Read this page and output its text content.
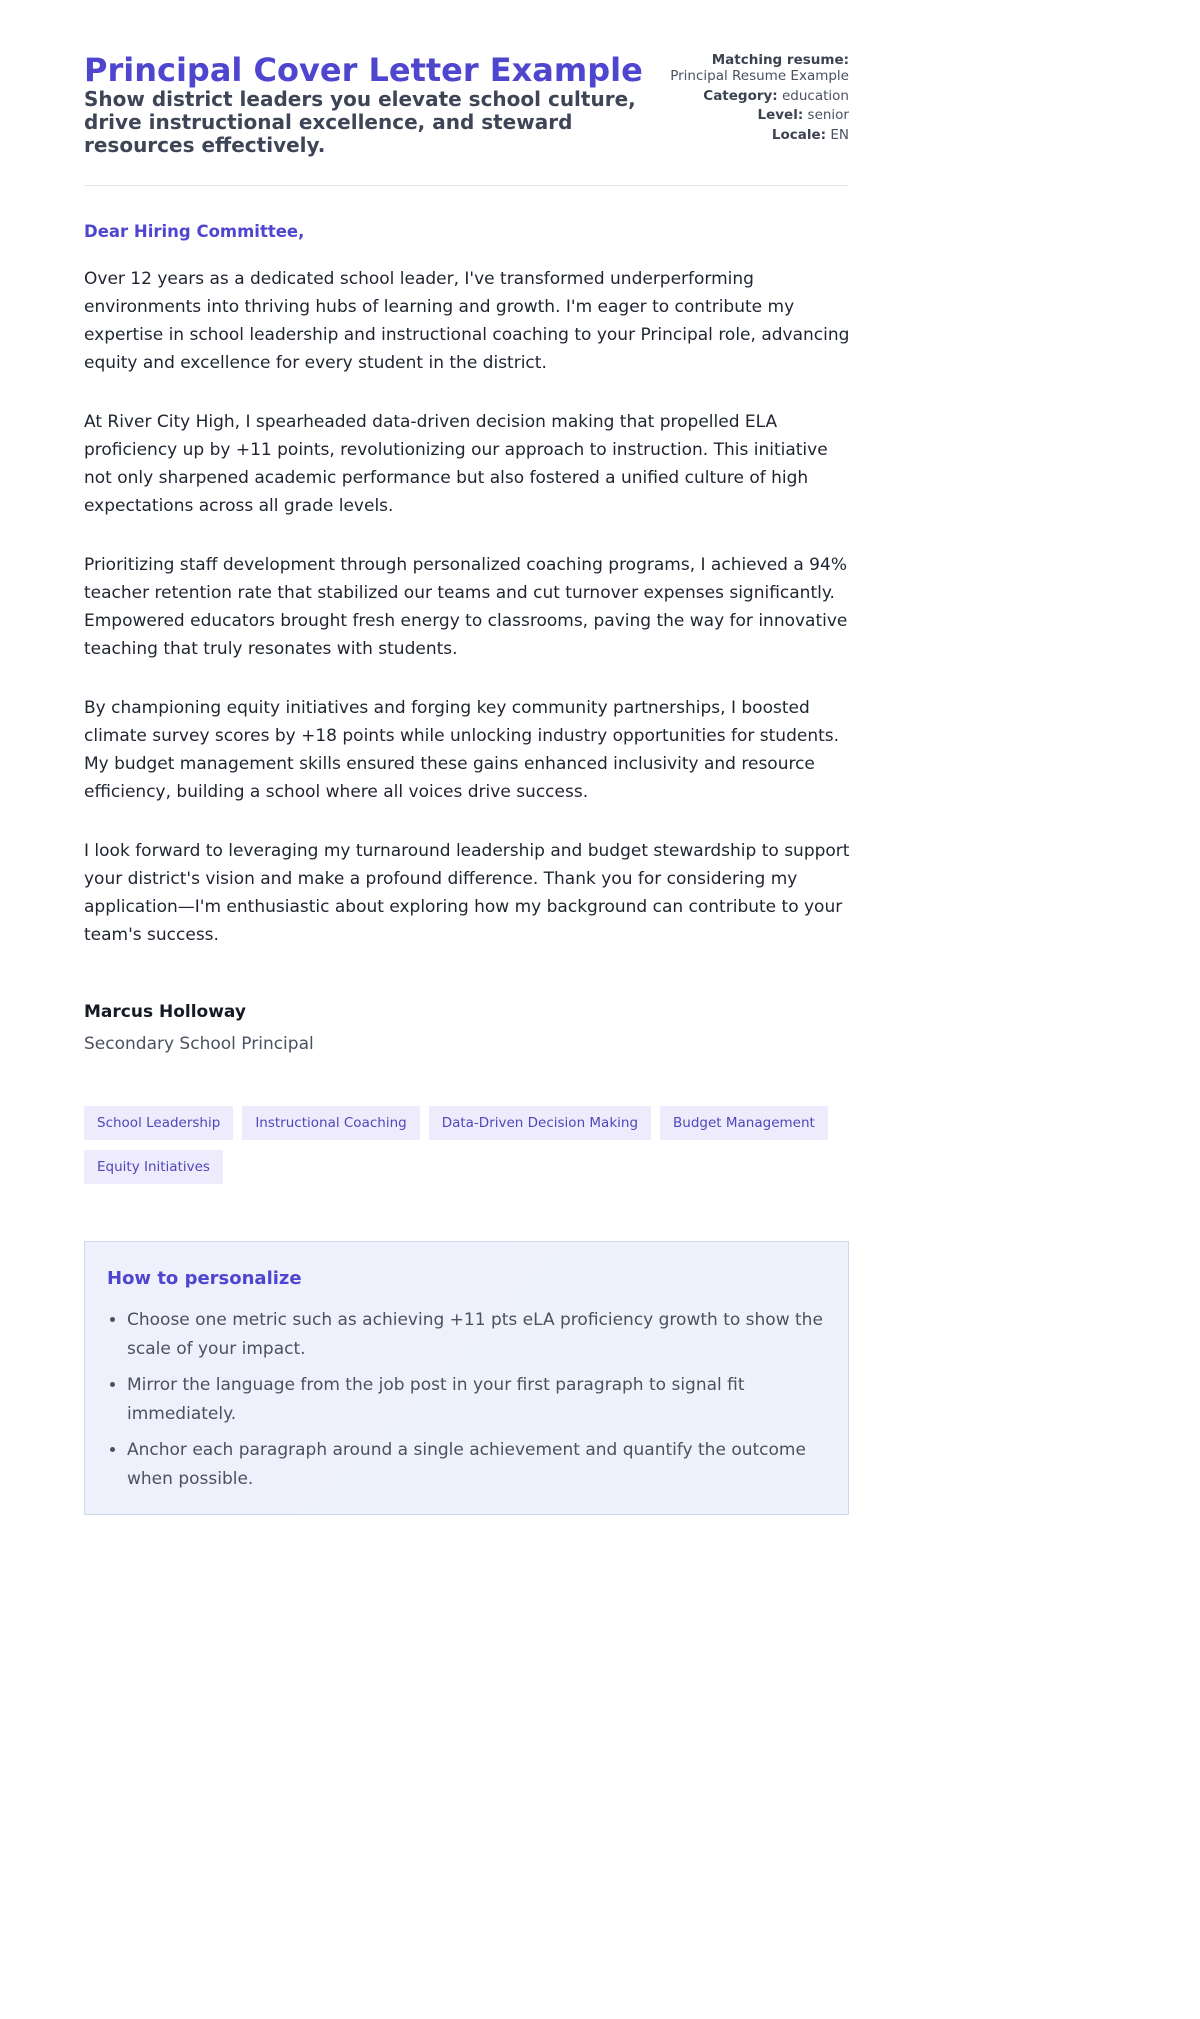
Principal Cover Letter Example
Show district leaders you elevate school culture, drive instructional excellence, and steward resources effectively.
Matching resume:
Principal Resume Example
Category: education
Level: senior
Locale: EN

Dear Hiring Committee,

Over 12 years as a dedicated school leader, I've transformed underperforming environments into thriving hubs of learning and growth. I'm eager to contribute my expertise in school leadership and instructional coaching to your Principal role, advancing equity and excellence for every student in the district.

At River City High, I spearheaded data-driven decision making that propelled ELA proficiency up by +11 points, revolutionizing our approach to instruction. This initiative not only sharpened academic performance but also fostered a unified culture of high expectations across all grade levels.

Prioritizing staff development through personalized coaching programs, I achieved a 94% teacher retention rate that stabilized our teams and cut turnover expenses significantly. Empowered educators brought fresh energy to classrooms, paving the way for innovative teaching that truly resonates with students.

By championing equity initiatives and forging key community partnerships, I boosted climate survey scores by +18 points while unlocking industry opportunities for students. My budget management skills ensured these gains enhanced inclusivity and resource efficiency, building a school where all voices drive success.

I look forward to leveraging my turnaround leadership and budget stewardship to support your district's vision and make a profound difference. Thank you for considering my application—I'm enthusiastic about exploring how my background can contribute to your team's success.

Marcus Holloway
Secondary School Principal
School Leadership	Instructional Coaching	Data-Driven Decision Making	Budget Management
Equity Initiatives
How to personalize
• Choose one metric such as achieving +11 pts eLA proficiency growth to show the scale of your impact.
• Mirror the language from the job post in your first paragraph to signal fit immediately.
• Anchor each paragraph around a single achievement and quantify the outcome when possible.
